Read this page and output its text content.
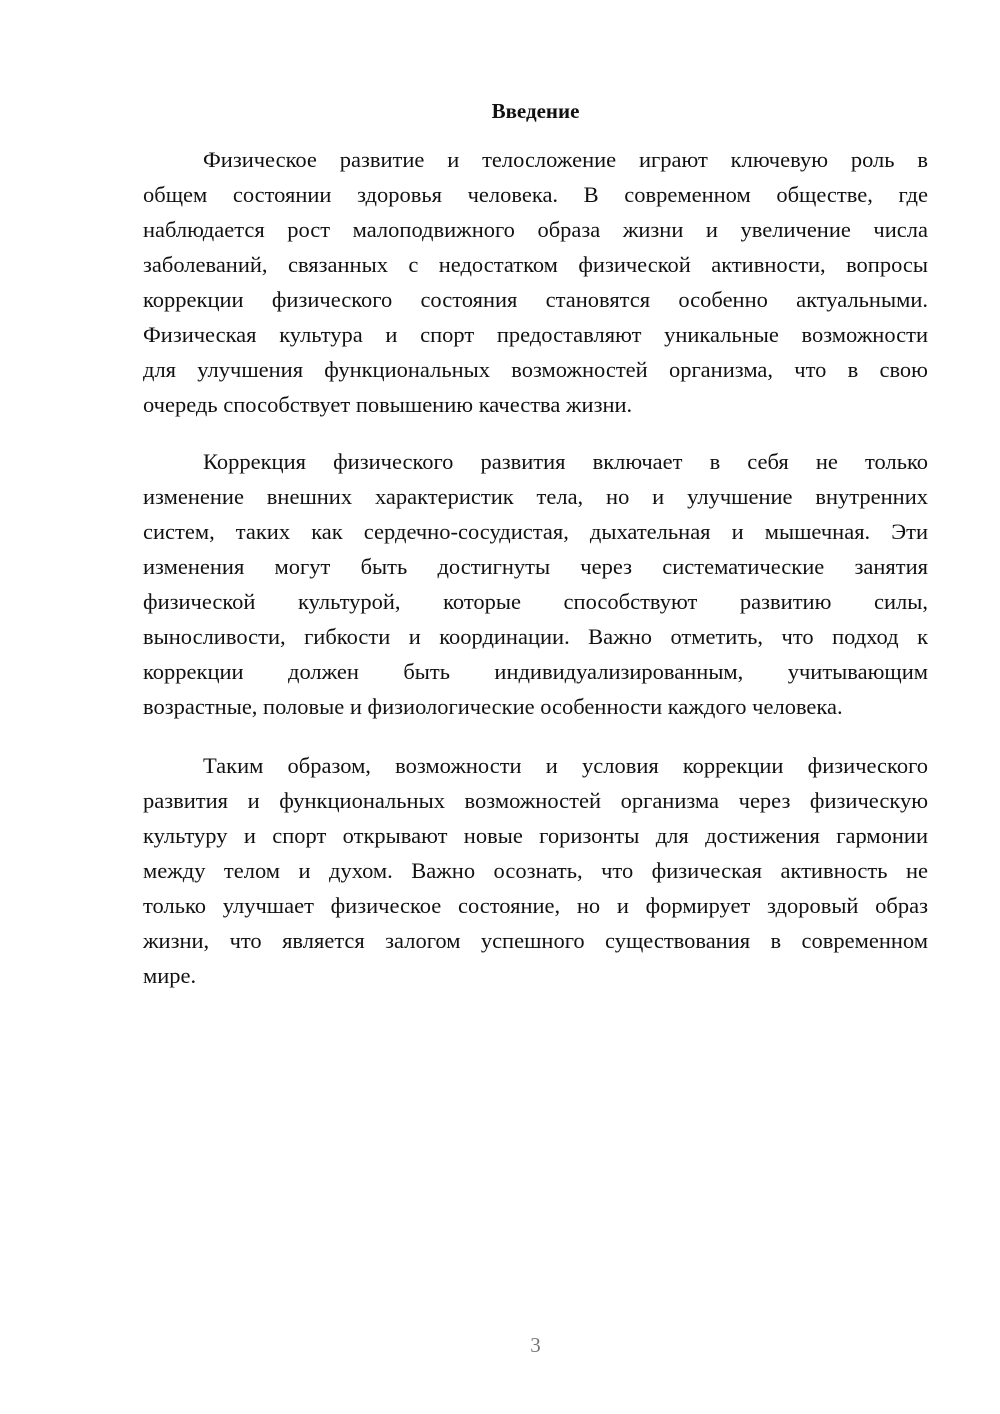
Введение
Физическое развитие и телосложение играют ключевую роль в
общем состоянии здоровья человека. В современном обществе, где
наблюдается рост малоподвижного образа жизни и увеличение числа
заболеваний, связанных с недостатком физической активности, вопросы
коррекции физического состояния становятся особенно актуальными.
Физическая культура и спорт предоставляют уникальные возможности
для улучшения функциональных возможностей организма, что в свою
очередь способствует повышению качества жизни.
Коррекция физического развития включает в себя не только
изменение внешних характеристик тела, но и улучшение внутренних
систем, таких как сердечно-сосудистая, дыхательная и мышечная. Эти
изменения могут быть достигнуты через систематические занятия
физической культурой, которые способствуют развитию силы,
выносливости, гибкости и координации. Важно отметить, что подход к
коррекции должен быть индивидуализированным, учитывающим
возрастные, половые и физиологические особенности каждого человека.
Таким образом, возможности и условия коррекции физического
развития и функциональных возможностей организма через физическую
культуру и спорт открывают новые горизонты для достижения гармонии
между телом и духом. Важно осознать, что физическая активность не
только улучшает физическое состояние, но и формирует здоровый образ
жизни, что является залогом успешного существования в современном
мире.
3
